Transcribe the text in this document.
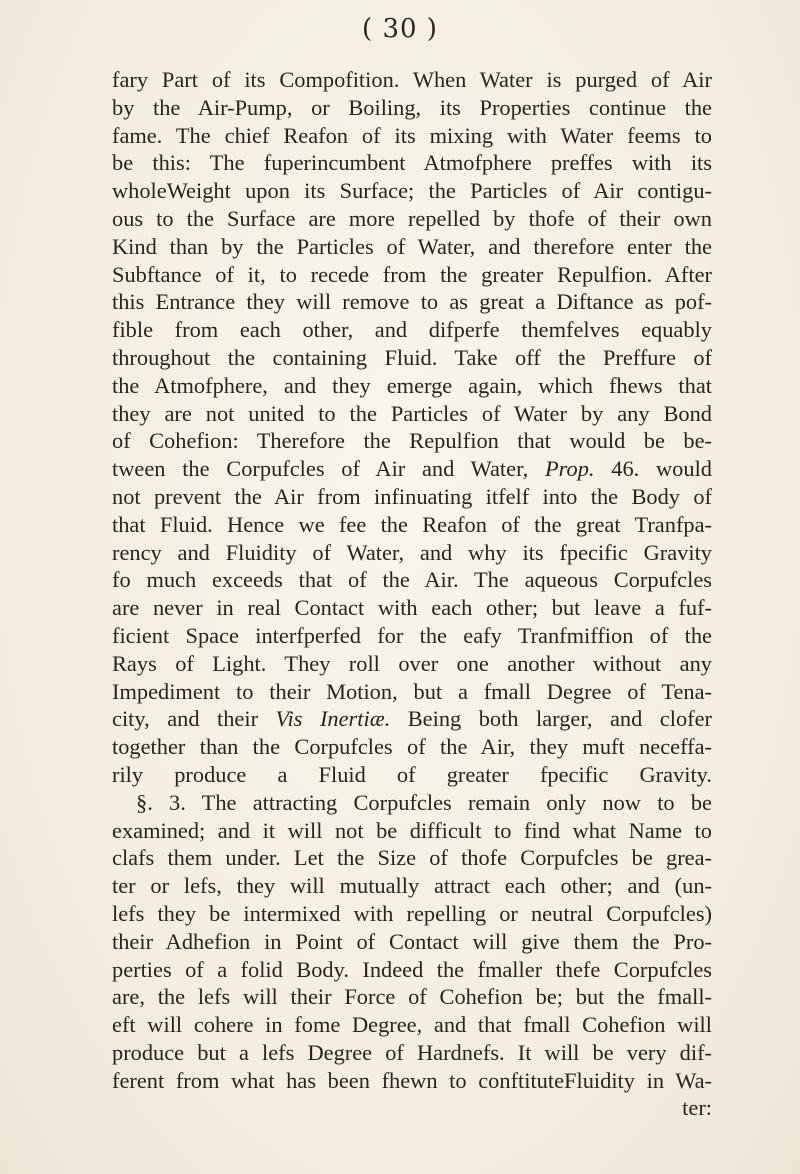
( 30 )
fary Part of its Compofition. When Water is purged of Air
by the Air-Pump, or Boiling, its Properties continue the
fame. The chief Reafon of its mixing with Water feems to
be this: The fuperincumbent Atmofphere preffes with its
wholeWeight upon its Surface; the Particles of Air contigu-
ous to the Surface are more repelled by thofe of their own
Kind than by the Particles of Water, and therefore enter the
Subftance of it, to recede from the greater Repulfion. After
this Entrance they will remove to as great a Diftance as pof-
fible from each other, and difperfe themfelves equably
throughout the containing Fluid. Take off the Preffure of
the Atmofphere, and they emerge again, which fhews that
they are not united to the Particles of Water by any Bond
of Cohefion: Therefore the Repulfion that would be be-
tween the Corpufcles of Air and Water, Prop. 46. would
not prevent the Air from infinuating itfelf into the Body of
that Fluid. Hence we fee the Reafon of the great Tranfpa-
rency and Fluidity of Water, and why its fpecific Gravity
fo much exceeds that of the Air. The aqueous Corpufcles
are never in real Contact with each other; but leave a fuf-
ficient Space interfperfed for the eafy Tranfmiffion of the
Rays of Light. They roll over one another without any
Impediment to their Motion, but a fmall Degree of Tena-
city, and their Vis Inertiæ. Being both larger, and clofer
together than the Corpufcles of the Air, they muft neceffa-
rily produce a Fluid of greater fpecific Gravity.
§. 3. The attracting Corpufcles remain only now to be
examined; and it will not be difficult to find what Name to
clafs them under. Let the Size of thofe Corpufcles be grea-
ter or lefs, they will mutually attract each other; and (un-
lefs they be intermixed with repelling or neutral Corpufcles)
their Adhefion in Point of Contact will give them the Pro-
perties of a folid Body. Indeed the fmaller thefe Corpufcles
are, the lefs will their Force of Cohefion be; but the fmall-
eft will cohere in fome Degree, and that fmall Cohefion will
produce but a lefs Degree of Hardnefs. It will be very dif-
ferent from what has been fhewn to conftituteFluidity in Wa-
ter:
